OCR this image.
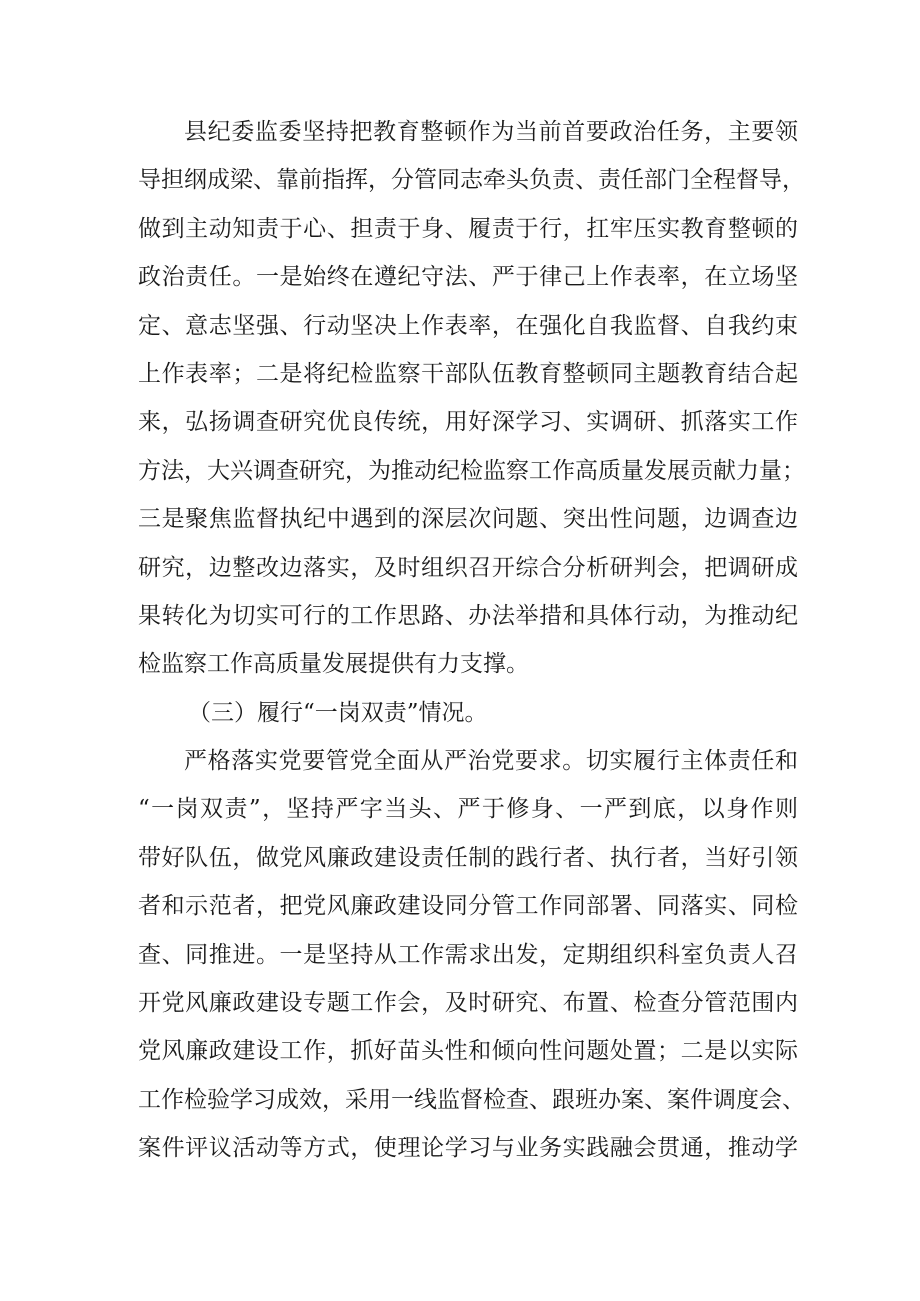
县纪委监委坚持把教育整顿作为当前首要政治任务，主要领
导担纲成梁、靠前指挥，分管同志牵头负责、责任部门全程督导，
做到主动知责于心、担责于身、履责于行，扛牢压实教育整顿的
政治责任。一是始终在遵纪守法、严于律己上作表率，在立场坚
定、意志坚强、行动坚决上作表率，在强化自我监督、自我约束
上作表率；二是将纪检监察干部队伍教育整顿同主题教育结合起
来，弘扬调查研究优良传统，用好深学习、实调研、抓落实工作
方法，大兴调查研究，为推动纪检监察工作高质量发展贡献力量；
三是聚焦监督执纪中遇到的深层次问题、突出性问题，边调查边
研究，边整改边落实，及时组织召开综合分析研判会，把调研成
果转化为切实可行的工作思路、办法举措和具体行动，为推动纪
检监察工作高质量发展提供有力支撑。
（三）履行“一岗双责”情况。
严格落实党要管党全面从严治党要求。切实履行主体责任和
“一岗双责”，坚持严字当头、严于修身、一严到底，以身作则
带好队伍，做党风廉政建设责任制的践行者、执行者，当好引领
者和示范者，把党风廉政建设同分管工作同部署、同落实、同检
查、同推进。一是坚持从工作需求出发，定期组织科室负责人召
开党风廉政建设专题工作会，及时研究、布置、检查分管范围内
党风廉政建设工作，抓好苗头性和倾向性问题处置；二是以实际
工作检验学习成效，采用一线监督检查、跟班办案、案件调度会、
案件评议活动等方式，使理论学习与业务实践融会贯通，推动学
